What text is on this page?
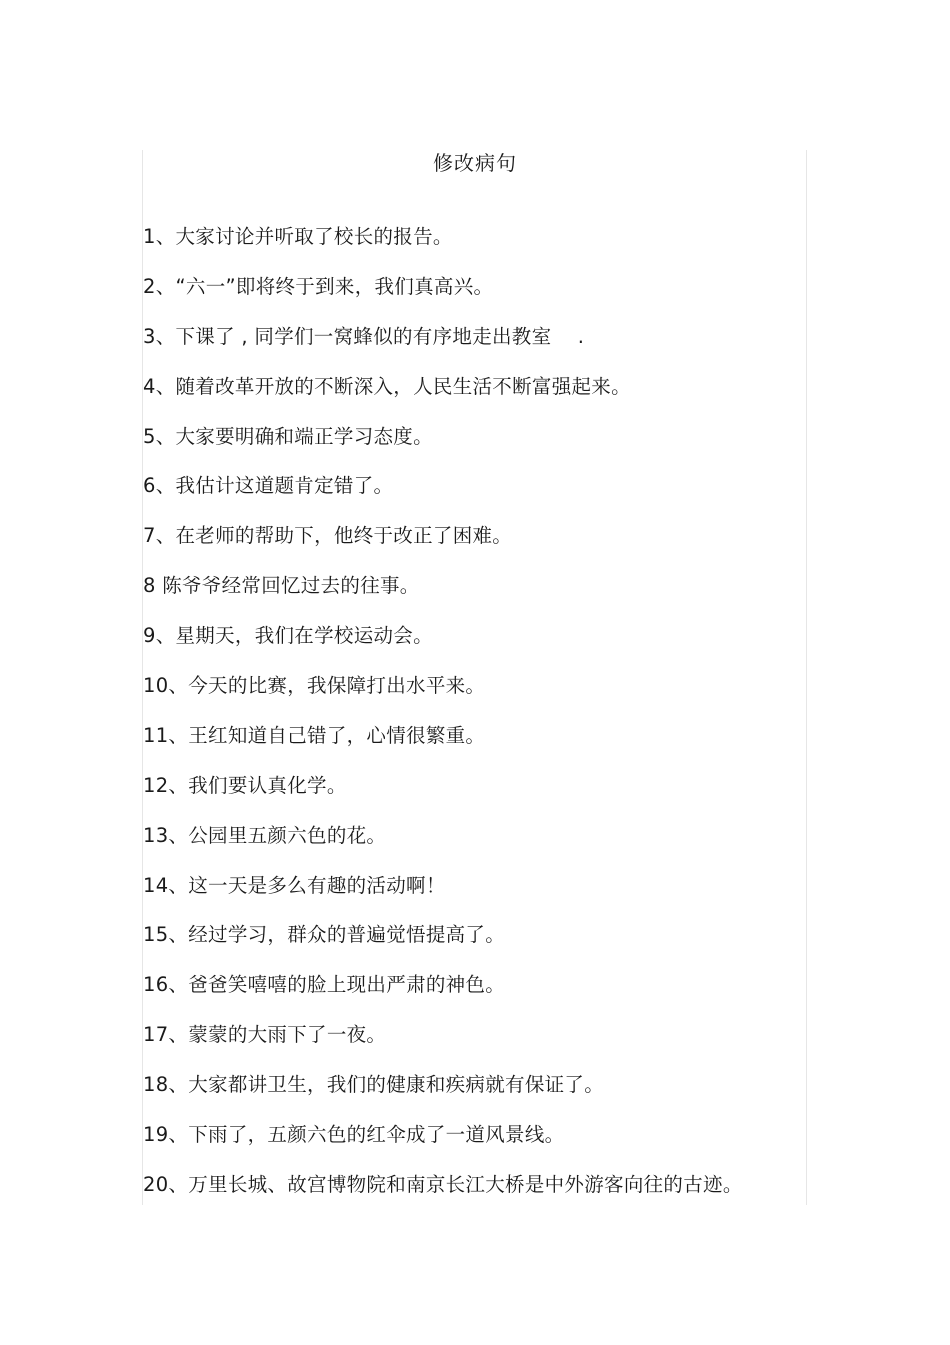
修改病句
1、大家讨论并听取了校长的报告。
2、“六一”即将终于到来，我们真高兴。
3、下课了 , 同学们一窝蜂似的有序地走出教室　 .
4、随着改革开放的不断深入，人民生活不断富强起来。
5、大家要明确和端正学习态度。
6、我估计这道题肯定错了。
7、在老师的帮助下，他终于改正了困难。
8 陈爷爷经常回忆过去的往事。
9、星期天，我们在学校运动会。
10、今天的比赛，我保障打出水平来。
11、王红知道自己错了，心情很繁重。
12、我们要认真化学。
13、公园里五颜六色的花。
14、这一天是多么有趣的活动啊！
15、经过学习，群众的普遍觉悟提高了。
16、爸爸笑嘻嘻的脸上现出严肃的神色。
17、蒙蒙的大雨下了一夜。
18、大家都讲卫生，我们的健康和疾病就有保证了。
19、下雨了，五颜六色的红伞成了一道风景线。
20、万里长城、故宫博物院和南京长江大桥是中外游客向往的古迹。
